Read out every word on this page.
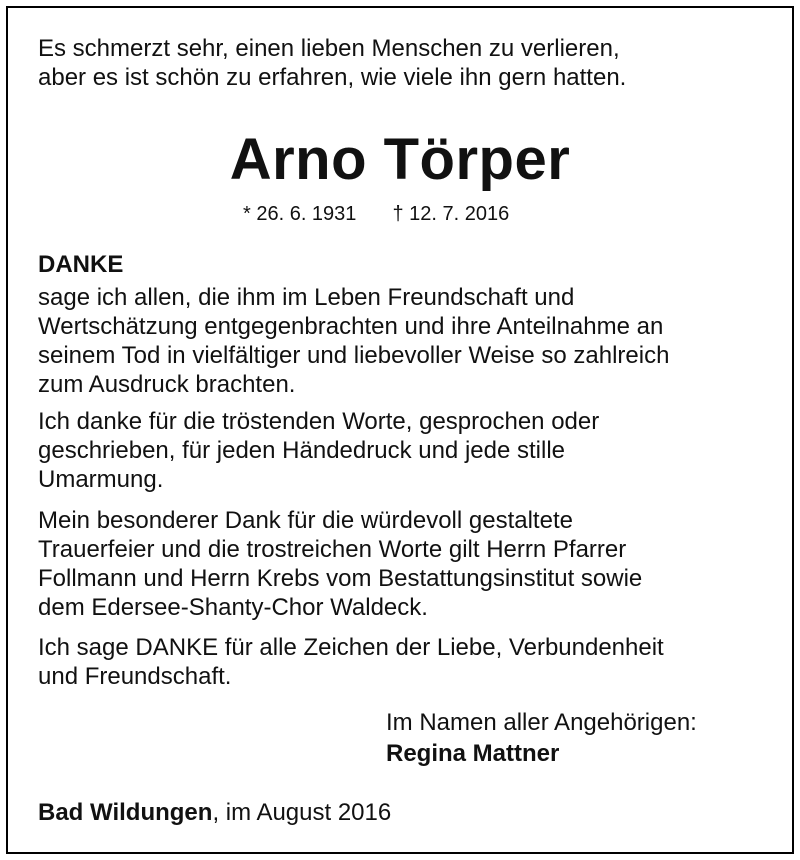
Es schmerzt sehr, einen lieben Menschen zu verlieren,
aber es ist schön zu erfahren, wie viele ihn gern hatten.
Arno Törper
* 26. 6. 1931 † 12. 7. 2016
DANKE
sage ich allen, die ihm im Leben Freundschaft und
Wertschätzung entgegenbrachten und ihre Anteilnahme an
seinem Tod in vielfältiger und liebevoller Weise so zahlreich
zum Ausdruck brachten.
Ich danke für die tröstenden Worte, gesprochen oder
geschrieben, für jeden Händedruck und jede stille
Umarmung.
Mein besonderer Dank für die würdevoll gestaltete
Trauerfeier und die trostreichen Worte gilt Herrn Pfarrer
Follmann und Herrn Krebs vom Bestattungsinstitut sowie
dem Edersee-Shanty-Chor Waldeck.
Ich sage DANKE für alle Zeichen der Liebe, Verbundenheit
und Freundschaft.
Im Namen aller Angehörigen:
Regina Mattner
Bad Wildungen, im August 2016
